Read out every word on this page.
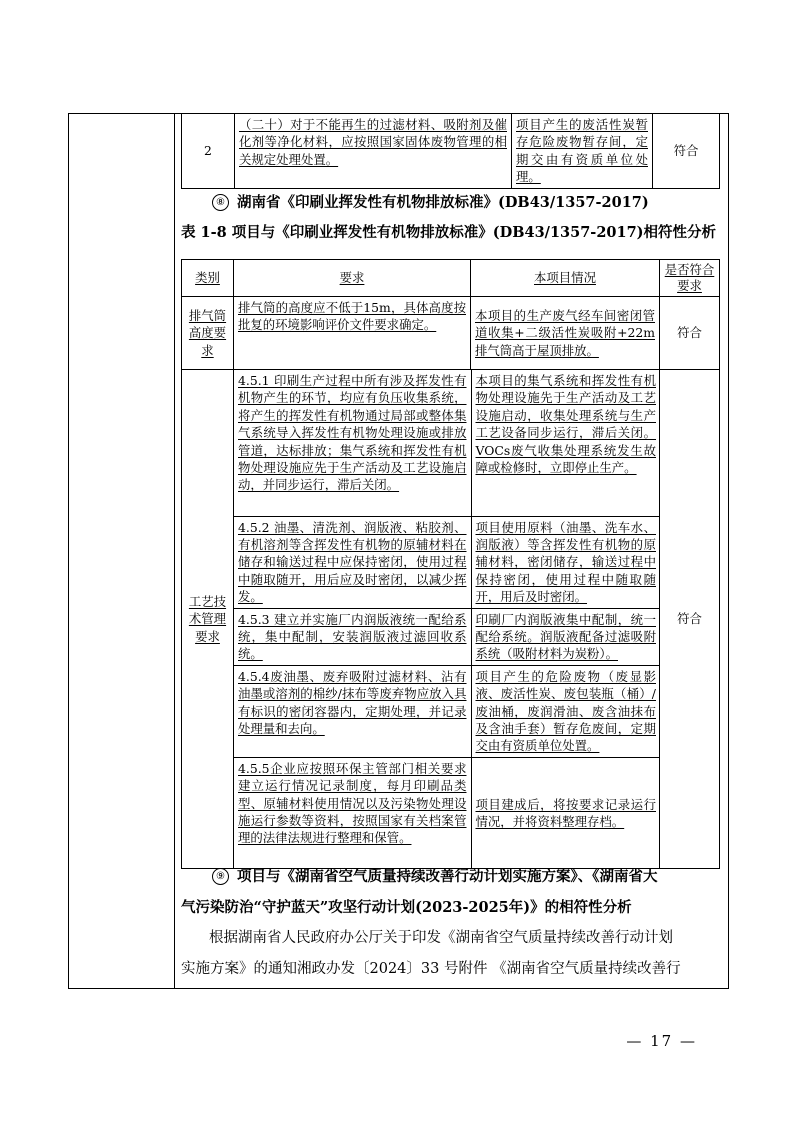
2	（二十）对于不能再生的过滤材料、吸附剂及催化剂等净化材料，应按照国家固体废物管理的相关规定处理处置。	项目产生的废活性炭暂存危险废物暂存间，定期交由有资质单位处理。	符合
⑧ 湖南省《印刷业挥发性有机物排放标准》(DB43/1357-2017)
表 1-8 项目与《印刷业挥发性有机物排放标准》(DB43/1357-2017)相符性分析
类别	要求	本项目情况	是否符合要求
排气筒高度要求	排气筒的高度应不低于15m，具体高度按批复的环境影响评价文件要求确定。	本项目的生产废气经车间密闭管道收集+二级活性炭吸附+22m排气筒高于屋顶排放。	符合
工艺技术管理要求	
4.5.1 印刷生产过程中所有涉及挥发性有机物产生的环节，均应有负压收集系统，将产生的挥发性有机物通过局部或整体集气系统导入挥发性有机物处理设施或排放管道，达标排放；集气系统和挥发性有机物处理设施应先于生产活动及工艺设施启动，并同步运行，滞后关闭。	本项目的集气系统和挥发性有机物处理设施先于生产活动及工艺设施启动，收集处理系统与生产工艺设备同步运行，滞后关闭。VOCs废气收集处理系统发生故障或检修时，立即停止生产。
4.5.2 油墨、清洗剂、润版液、粘胶剂、有机溶剂等含挥发性有机物的原辅材料在储存和输送过程中应保持密闭，使用过程中随取随开，用后应及时密闭，以减少挥发。	项目使用原料（油墨、洗车水、润版液）等含挥发性有机物的原辅材料，密闭储存，输送过程中保持密闭，使用过程中随取随开，用后及时密闭。
4.5.3 建立并实施厂内润版液统一配给系统，集中配制，安装润版液过滤回收系统。	印刷厂内润版液集中配制，统一配给系统。润版液配备过滤吸附系统（吸附材料为炭粉）。
4.5.4废油墨、废弃吸附过滤材料、沾有油墨或溶剂的棉纱/抹布等废弃物应放入具有标识的密闭容器内，定期处理，并记录处理量和去向。	项目产生的危险废物（废显影液、废活性炭、废包装瓶（桶）/废油桶，废润滑油、废含油抹布及含油手套）暂存危废间，定期交由有资质单位处置。
4.5.5企业应按照环保主管部门相关要求建立运行情况记录制度，每月印刷品类型、原辅材料使用情况以及污染物处理设施运行参数等资料，按照国家有关档案管理的法律法规进行整理和保管。	项目建成后，将按要求记录运行情况，并将资料整理存档。
	符合
⑨ 项目与《湖南省空气质量持续改善行动计划实施方案》、《湖南省大
气污染防治“守护蓝天”攻坚行动计划(2023-2025年)》的相符性分析
根据湖南省人民政府办公厅关于印发《湖南省空气质量持续改善行动计划
实施方案》的通知湘政办发〔2024〕33 号附件 《湖南省空气质量持续改善行
— 17 —
